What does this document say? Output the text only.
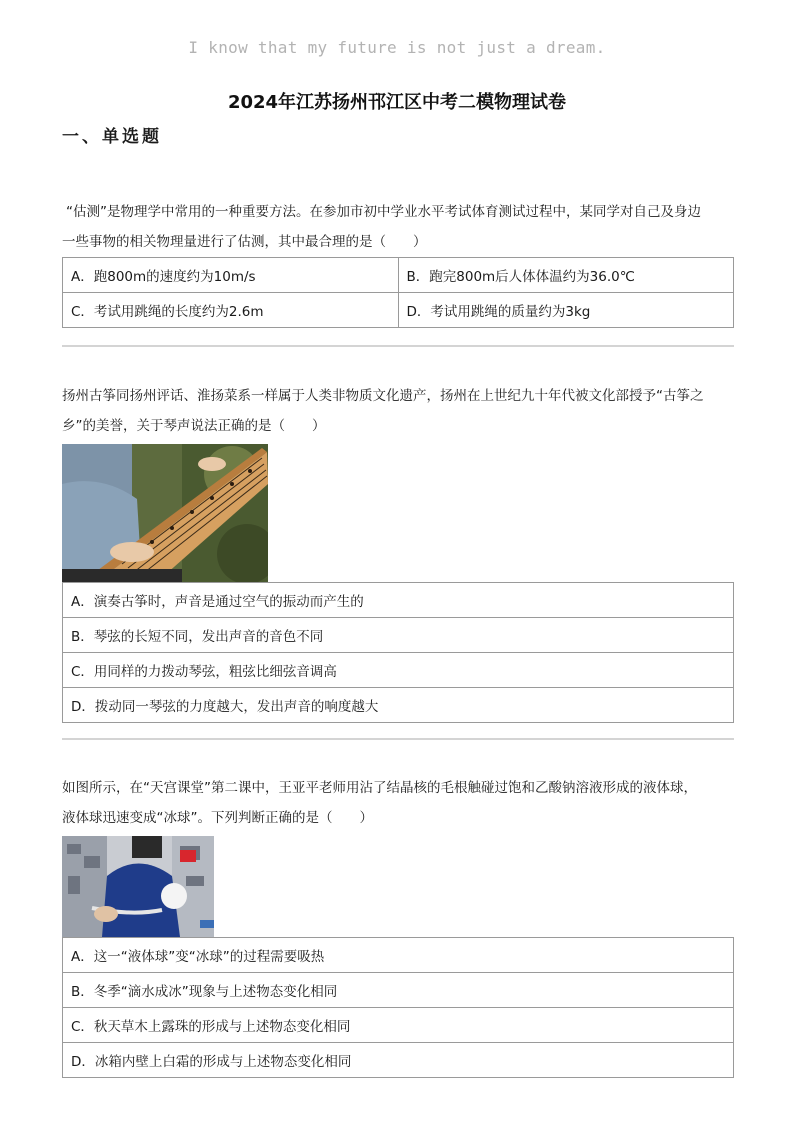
I know that my future is not just a dream.
2024年江苏扬州邗江区中考二模物理试卷
一、单选题

“估测”是物理学中常用的一种重要方法。在参加市初中学业水平考试体育测试过程中，某同学对自己及身边

一些事物的相关物理量进行了估测，其中最合理的是（　　）

A．跑800m的速度约为10m/s	B．跑完800m后人体体温约为36.0℃
C．考试用跳绳的长度约为2.6m	D．考试用跳绳的质量约为3kg

扬州古筝同扬州评话、淮扬菜系一样属于人类非物质文化遗产，扬州在上世纪九十年代被文化部授予“古筝之

乡”的美誉，关于琴声说法正确的是（　　）

A．演奏古筝时，声音是通过空气的振动而产生的
B．琴弦的长短不同，发出声音的音色不同
C．用同样的力拨动琴弦，粗弦比细弦音调高
D．拨动同一琴弦的力度越大，发出声音的响度越大

如图所示，在“天宫课堂”第二课中，王亚平老师用沾了结晶核的毛根触碰过饱和乙酸钠溶液形成的液体球，

液体球迅速变成“冰球”。下列判断正确的是（　　）

A．这一“液体球”变“冰球”的过程需要吸热
B．冬季“滴水成冰”现象与上述物态变化相同
C．秋天草木上露珠的形成与上述物态变化相同
D．冰箱内壁上白霜的形成与上述物态变化相同
